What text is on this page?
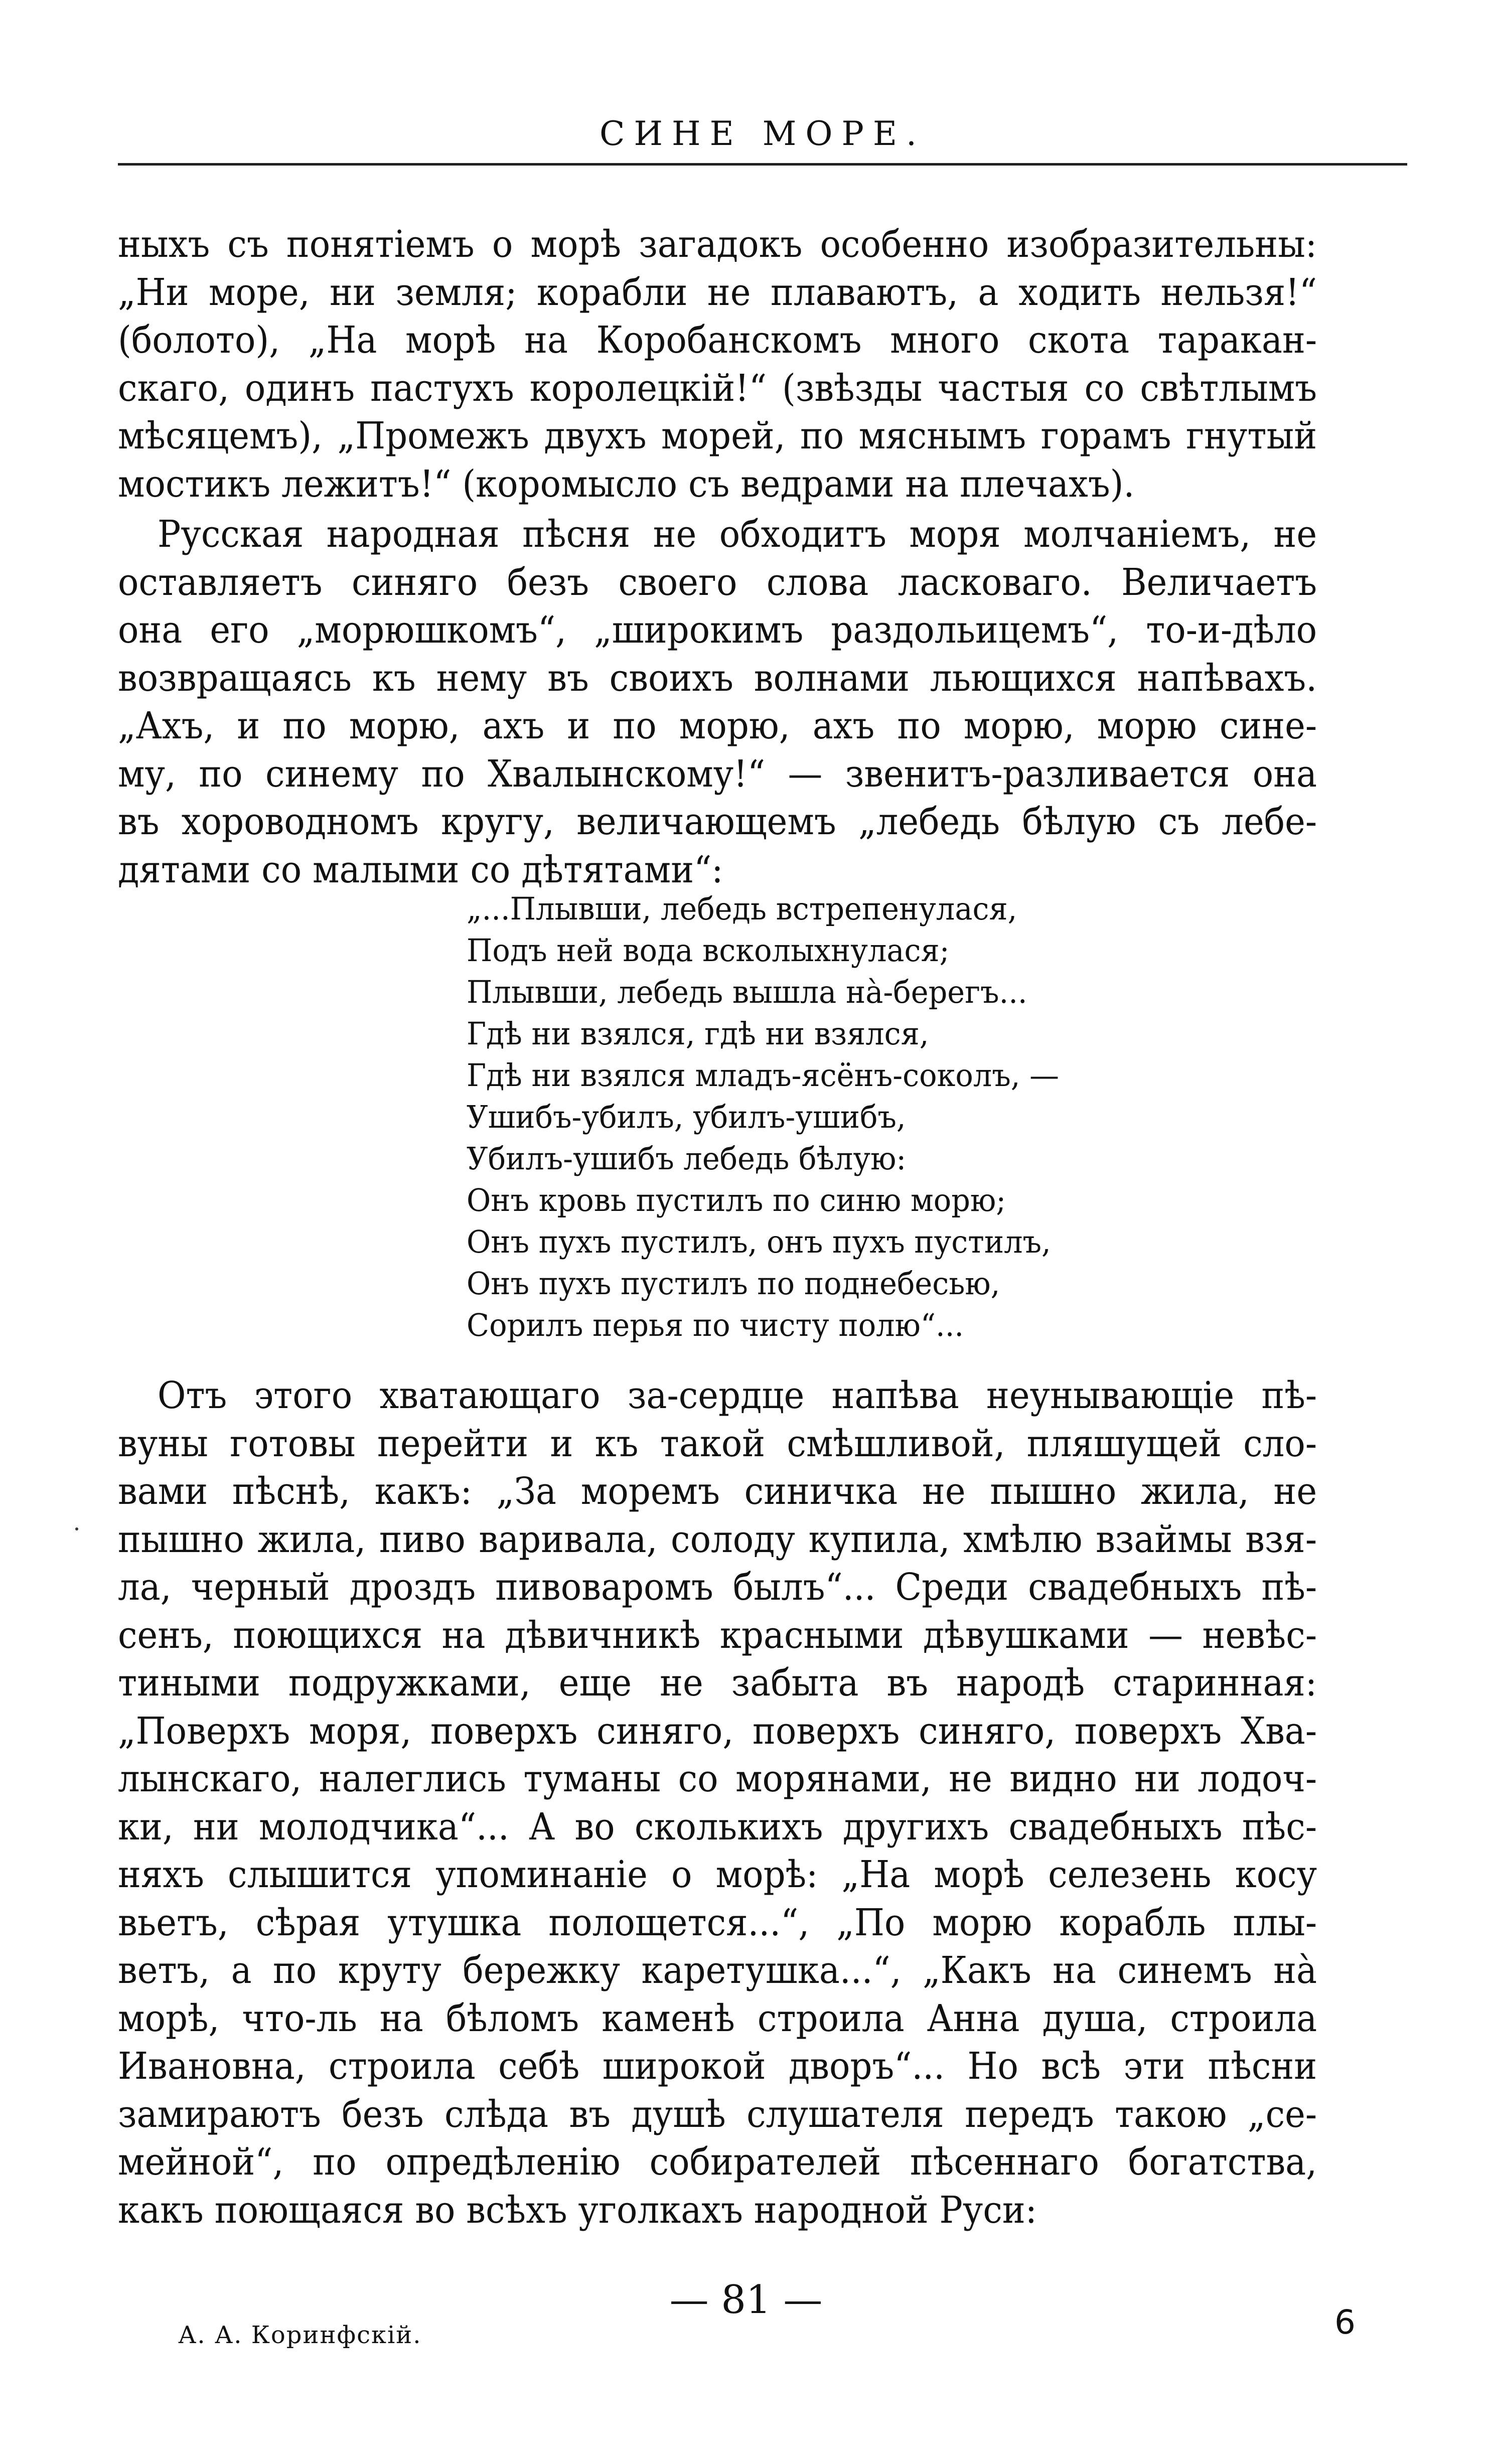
СИНЕ МОРЕ.
ныхъ съ понятіемъ о морѣ загадокъ особенно изобразительны:
„Ни море, ни земля; корабли не плаваютъ, а ходить нельзя!“
(болото), „На морѣ на Коробанскомъ много скота таракан-
скаго, одинъ пастухъ королецкій!“ (звѣзды частыя со свѣтлымъ
мѣсяцемъ), „Промежъ двухъ морей, по мяснымъ горамъ гнутый
мостикъ лежитъ!“ (коромысло съ ведрами на плечахъ).
Русская народная пѣсня не обходитъ моря молчаніемъ, не
оставляетъ синяго безъ своего слова ласковаго. Величаетъ
она его „морюшкомъ“, „широкимъ раздольицемъ“, то-и-дѣло
возвращаясь къ нему въ своихъ волнами льющихся напѣвахъ.
„Ахъ, и по морю, ахъ и по морю, ахъ по морю, морю сине-
му, по синему по Хвалынскому!“ — звенитъ-разливается она
въ хороводномъ кругу, величающемъ „лебедь бѣлую съ лебе-
дятами со малыми со дѣтятами“:
„...Плывши, лебедь встрепенулася,
Подъ ней вода всколыхнулася;
Плывши, лебедь вышла нà-берегъ...
Гдѣ ни взялся, гдѣ ни взялся,
Гдѣ ни взялся младъ-ясёнъ-соколъ, —
Ушибъ-убилъ, убилъ-ушибъ,
Убилъ-ушибъ лебедь бѣлую:
Онъ кровь пустилъ по синю морю;
Онъ пухъ пустилъ, онъ пухъ пустилъ,
Онъ пухъ пустилъ по поднебесью,
Сорилъ перья по чисту полю“...
Отъ этого хватающаго за-сердце напѣва неунывающіе пѣ-
вуны готовы перейти и къ такой смѣшливой, пляшущей сло-
вами пѣснѣ, какъ: „За моремъ синичка не пышно жила, не
пышно жила, пиво варивала, солоду купила, хмѣлю взаймы взя-
ла, черный дроздъ пивоваромъ былъ“... Среди свадебныхъ пѣ-
сенъ, поющихся на дѣвичникѣ красными дѣвушками — невѣс-
тиными подружками, еще не забыта въ народѣ старинная:
„Поверхъ моря, поверхъ синяго, поверхъ синяго, поверхъ Хва-
лынскаго, налеглись туманы со морянами, не видно ни лодоч-
ки, ни молодчика“... А во сколькихъ другихъ свадебныхъ пѣс-
няхъ слышится упоминаніе о морѣ: „На морѣ селезень косу
вьетъ, сѣрая утушка полощется...“, „По морю корабль плы-
ветъ, а по круту бережку каретушка...“, „Какъ на синемъ нà
морѣ, что-ль на бѣломъ каменѣ строила Анна душа, строила
Ивановна, строила себѣ широкой дворъ“... Но всѣ эти пѣсни
замираютъ безъ слѣда въ душѣ слушателя передъ такою „се-
мейной“, по опредѣленію собирателей пѣсеннаго богатства,
какъ поющаяся во всѣхъ уголкахъ народной Руси:
— 81 —	6
А. А. Коринфскій.
